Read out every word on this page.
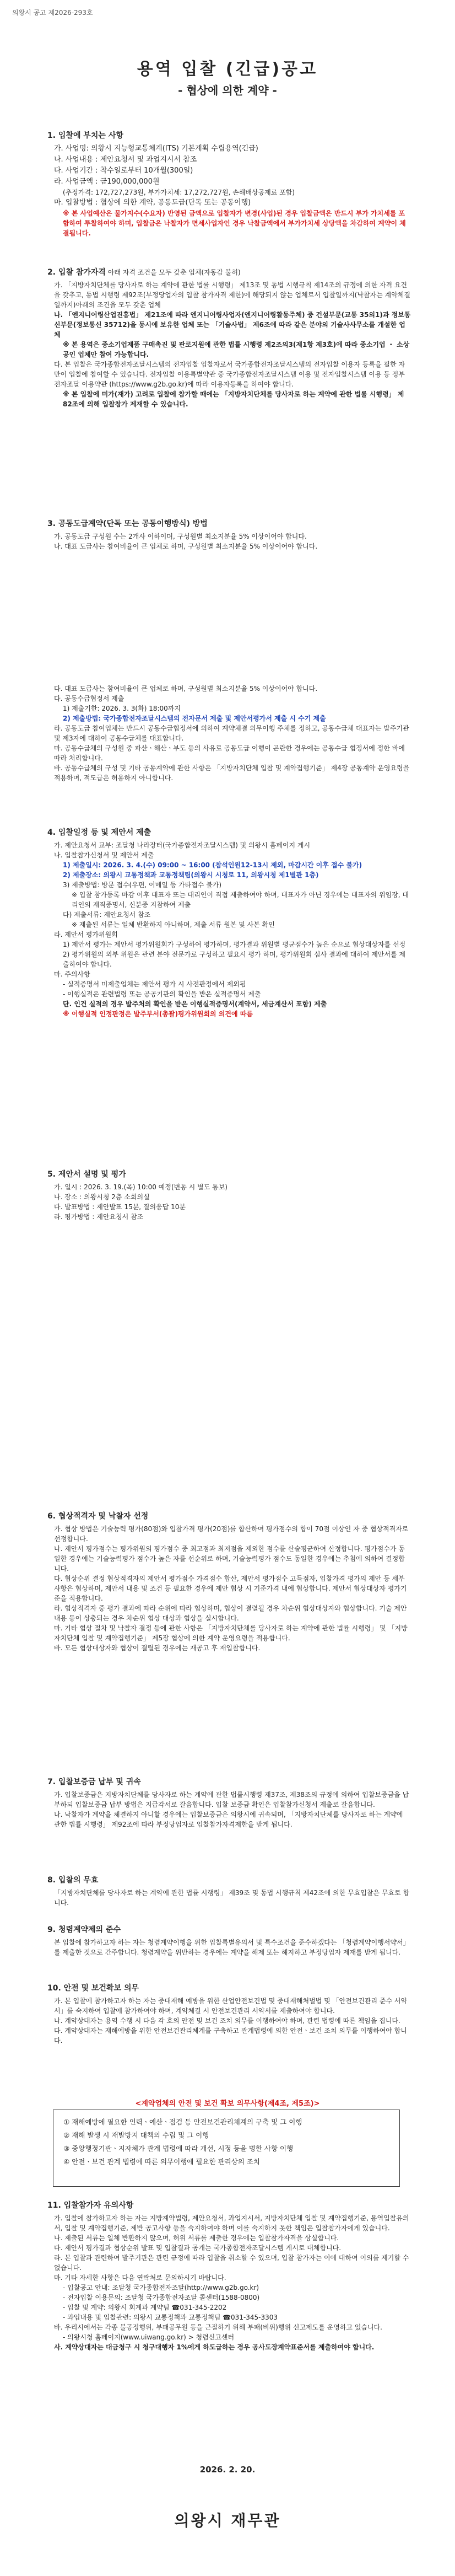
의왕시 공고 제2026-293호
용역 입찰 (긴급)공고
- 협상에 의한 계약 -
1. 입찰에 부치는 사항
가. 사업명: 의왕시 지능형교통체계(ITS) 기본계획 수립용역(긴급)
나. 사업내용 : 제안요청서 및 과업지시서 참조
다. 사업기간 : 착수일로부터 10개월(300일)
라. 사업금액 : 금190,000,000원
(추정가격: 172,727,273원, 부가가치세: 17,272,727원, 손해배상공제료 포함)
마. 입찰방법 : 협상에 의한 계약, 공동도급(단독 또는 공동이행)
※ 본 사업예산은 물가지수(수요자) 반영된 금액으로 입찰자가 변경(사업)된 경우 입찰금액은 반드시 부가 가치세를 포함하여 투찰하여야 하며, 입찰금은 낙찰자가 면세사업자인 경우 낙찰금액에서 부가가치세 상당액을 차감하여 계약이 체결됩니다.
2. 입찰 참가자격 아래 자격 조건을 모두 갖춘 업체(자동감 불허)
가. 「지방자치단체를 당사자로 하는 계약에 관한 법률 시행령」 제13조 및 동법 시행규칙 제14조의 규정에 의한 자격 요건을 갖추고, 동법 시행령 제92조(부정당업자의 입찰 참가자격 제한)에 해당되지 않는 업체로서 입찰일까지(낙찰자는 계약체결일까지)아래의 조건을 모두 갖춘 업체
나. 「엔지니어링산업진흥법」 제21조에 따라 엔지니어링사업자(엔지니어링활동주체) 중 건설부문(교통 35의1)과 정보통신부문(정보통신 35712)을 동시에 보유한 업체 또는 「기술사법」 제6조에 따라 같은 분야의 기술사사무소를 개설한 업체
※ 본 용역은 중소기업제품 구매촉진 및 판로지원에 관한 법률 시행령 제2조의3(제1항 제3호)에 따라 중소기업 ・ 소상공인 업체만 참여 가능합니다.
다. 본 입찰은 국가종합전자조달시스템의 전자입찰 입찰자로서 국가종합전자조달시스템의 전자입찰 이용자 등록을 필한 자만이 입찰에 참여할 수 있습니다. 전자입찰 이용특별약관 중 국가종합전자조달시스템 이용 및 전자입찰시스템 이용 등 정부전자조달 이용약관 (https://www.g2b.go.kr)에 따라 이용자등록을 하여야 합니다.
※ 본 입찰에 미가(재가) 고려로 입찰에 참가할 때에는 「지방자치단체를 당사자로 하는 계약에 관한 법률 시행령」 제82조에 의해 입찰참가 제재할 수 있습니다.
3. 공동도급계약(단독 또는 공동이행방식) 방법
가. 공동도급 구성원 수는 2개사 이하이며, 구성원별 최소지분율 5% 이상이어야 합니다.
나. 대표 도급사는 참여비율이 큰 업체로 하며, 구성원별 최소지분율 5% 이상이어야 합니다.
다. 대표 도급사는 참여비율이 큰 업체로 하며, 구성원별 최소지분율 5% 이상이어야 합니다.
다. 공동수급협정서 제출
1) 제출기한: 2026. 3. 3(화) 18:00까지
2) 제출방법: 국가종합전자조달시스템의 전자문서 제출 및 제안서평가서 제출 시 수기 제출
라. 공동도급 참여업체는 반드시 공동수급협정서에 의하여 계약체결 의무이행 주체를 정하고, 공동수급체 대표자는 발주기관 및 제3자에 대하여 공동수급체를 대표합니다.
마. 공동수급체의 구성원 중 파산ㆍ해산ㆍ부도 등의 사유로 공동도급 이행이 곤란한 경우에는 공동수급 협정서에 정한 바에 따라 처리합니다.
바. 공동수급체의 구성 및 기타 공동계약에 관한 사항은 「지방자치단체 입찰 및 계약집행기준」 제4장 공동계약 운영요령을 적용하며, 적도급은 허용하지 아니합니다.
4. 입찰일정 등 및 제안서 제출
가. 제안요청서 교부: 조달청 나라장터(국가종합전자조달시스템) 및 의왕시 홈페이지 게시
나. 입찰참가신청서 및 제안서 제출
1) 제출일시: 2026. 3. 4.(수) 09:00 ~ 16:00 (참석인원12-13시 제외, 마감시간 이후 접수 불가)
2) 제출장소: 의왕시 교통정책과 교통정책팀(의왕시 시청로 11, 의왕시청 제1별관 1층)
3) 제출방법: 방문 접수(우편, 이메일 등 가타접수 불가)
※ 입찰 참가등록 마감 이후 대표자 또는 대리인이 직접 제출하여야 하며, 대표자가 아닌 경우에는 대표자의 위임장, 대리인의 재직증명서, 신분증 지참하여 제출
다) 제출서류: 제안요청서 참조
※ 제출된 서류는 일체 반환하지 아니하며, 제출 서류 원본 및 사본 확인
라. 제안서 평가위원회
1) 제안서 평가는 제안서 평가위원회가 구성하여 평가하며, 평가결과 위원별 평균점수가 높은 순으로 협상대상자를 선정
2) 평가위원의 외부 위원은 관련 분야 전문가로 구성하고 필요시 평가 하며, 평가위원회 심사 결과에 대하여 제안서를 제출하여야 합니다.
마. 주의사항
- 실적증명서 미제출업체는 제안서 평가 시 사전판정에서 제외됨
- 이행실적은 관련법령 또는 공공기관의 확인을 받은 실적증명서 제출
단. 인건 실적의 경우 발주처의 확인을 받은 이행실적증명서(계약서, 세금계산서 포함) 제출
※ 이행실적 인정판정은 발주부서(총괄)평가위원회의 의견에 따름
5. 제안서 설명 및 평가
가. 일시 : 2026. 3. 19.(목) 10:00 예정(변동 시 별도 통보)
나. 장소 : 의왕시청 2층 소회의실
다. 발표방법 : 제안발표 15분, 질의응답 10분
라. 평가방법 : 제안요청서 참조
6. 협상적격자 및 낙찰자 선정
가. 협상 방법은 기술능력 평가(80점)와 입찰가격 평가(20점)를 합산하여 평가점수의 합이 70점 이상인 자 중 협상적격자로 선정합니다.
나. 제안서 평가점수는 평가위원의 평가점수 중 최고점과 최저점을 제외한 점수를 산술평균하여 산정합니다. 평가점수가 동일한 경우에는 기술능력평가 점수가 높은 자를 선순위로 하며, 기술능력평가 점수도 동일한 경우에는 추첨에 의하여 결정합니다.
다. 협상순위 결정 협상적격자의 제안서 평가점수 가격점수 합산, 제안서 평가점수 고득점자, 입찰가격 평가의 제안 등 세부사항은 협상하며, 제안서 내용 및 조건 등 필요한 경우에 제안 협상 시 기준가격 내에 협상합니다. 제안서 협상대상자 평가기준을 적용합니다.
라. 협상적격자 중 평가 결과에 따라 순위에 따라 협상하며, 협상이 결렬될 경우 차순위 협상대상자와 협상합니다. 기술 제안 내용 등이 상충되는 경우 차순위 협상 대상과 협상을 실시합니다.
마. 기타 협상 절차 및 낙찰자 결정 등에 관한 사항은 「지방자치단체를 당사자로 하는 계약에 관한 법률 시행령」 및 「지방자치단체 입찰 및 계약집행기준」 제5장 협상에 의한 계약 운영요령을 적용합니다.
바. 모든 협상대상자와 협상이 결렬된 경우에는 재공고 후 재입찰합니다.
7. 입찰보증금 납부 및 귀속
가. 입찰보증금은 지방자치단체를 당사자로 하는 계약에 관한 법률시행령 제37조, 제38조의 규정에 의하여 입찰보증금을 납부하되 입찰보증금 납부 방법은 지급각서로 갈음합니다. 입찰 보증금 확인은 입찰참가신청서 제출로 갈음합니다.
나. 낙찰자가 계약을 체결하지 아니할 경우에는 입찰보증금은 의왕시에 귀속되며, 「지방자치단체를 당사자로 하는 계약에 관한 법률 시행령」 제92조에 따라 부정당업자로 입찰참가자격제한을 받게 됩니다.
8. 입찰의 무효
「지방자치단체를 당사자로 하는 계약에 관한 법률 시행령」 제39조 및 동법 시행규칙 제42조에 의한 무효입찰은 무효로 합니다.
9. 청렴계약제의 준수
본 입찰에 참가하고자 하는 자는 청렴계약이행을 위한 입찰특별유의서 및 특수조건을 준수하겠다는 「청렴계약이행서약서」를 제출한 것으로 간주합니다. 청렴계약을 위반하는 경우에는 계약을 해제 또는 해지하고 부정당업자 제재를 받게 됩니다.
10. 안전 및 보건확보 의무
가. 본 입찰에 참가하고자 하는 자는 중대재해 예방을 위한 산업안전보건법 및 중대재해처벌법 및 「안전보건관리 준수 서약서」를 숙지하여 입찰에 참가하여야 하며, 계약체결 시 안전보건관리 서약서를 제출하여야 합니다.
나. 계약상대자는 용역 수행 시 다음 각 호의 안전 및 보건 조치 의무를 이행하여야 하며, 관련 법령에 따른 책임을 집니다.
다. 계약상대자는 재해예방을 위한 안전보건관리체계를 구축하고 관계법령에 의한 안전ㆍ보건 조치 의무를 이행하여야 합니다.
<계약업체의 안전 및 보건 확보 의무사항(제4조, 제5조)>
① 재해예방에 필요한 인력ㆍ예산ㆍ점검 등 안전보건관리체계의 구축 및 그 이행
② 재해 발생 시 재발방지 대책의 수립 및 그 이행
③ 중앙행정기관ㆍ지자체가 관계 법령에 따라 개선, 시정 등을 명한 사항 이행
④ 안전ㆍ보건 관계 법령에 따른 의무이행에 필요한 관리상의 조치
11. 입찰참가자 유의사항
가. 입찰에 참가하고자 하는 자는 지방계약법령, 제안요청서, 과업지시서, 지방자치단체 입찰 및 계약집행기준, 용역입찰유의서, 입찰 및 계약집행기준, 제반 공고사항 등을 숙지하여야 하며 이를 숙지하지 못한 책임은 입찰참가자에게 있습니다.
나. 제출된 서류는 일체 반환하지 않으며, 허위 서류를 제출한 경우에는 입찰참가자격을 상실합니다.
다. 제안서 평가결과 협상순위 발표 및 입찰결과 공개는 국가종합전자조달시스템 게시로 대체합니다.
라. 본 입찰과 관련하여 발주기관은 관련 규정에 따라 입찰을 취소할 수 있으며, 입찰 참가자는 이에 대하여 이의를 제기할 수 없습니다.
마. 기타 자세한 사항은 다음 연락처로 문의하시기 바랍니다.
- 입찰공고 안내: 조달청 국가종합전자조달(http://www.g2b.go.kr)
- 전자입찰 이용문의: 조달청 국가종합전자조달 콜센터(1588-0800)
- 입찰 및 계약: 의왕시 회계과 계약팀 ☎031-345-2202
- 과업내용 및 입찰관련: 의왕시 교통정책과 교통정책팀 ☎031-345-3303
바. 우리시에서는 각종 불공정행위, 부패공무원 등을 근절하기 위해 부패(비위)행위 신고제도를 운영하고 있습니다.
- 의왕시청 홈페이지(www.uiwang.go.kr) > 청렴신고센터
사. 계약상대자는 대금청구 시 청구대행자 1%에게 하도급하는 경우 공사도장계약표준서를 제출하여야 합니다.
2026. 2. 20.
의왕시 재무관
